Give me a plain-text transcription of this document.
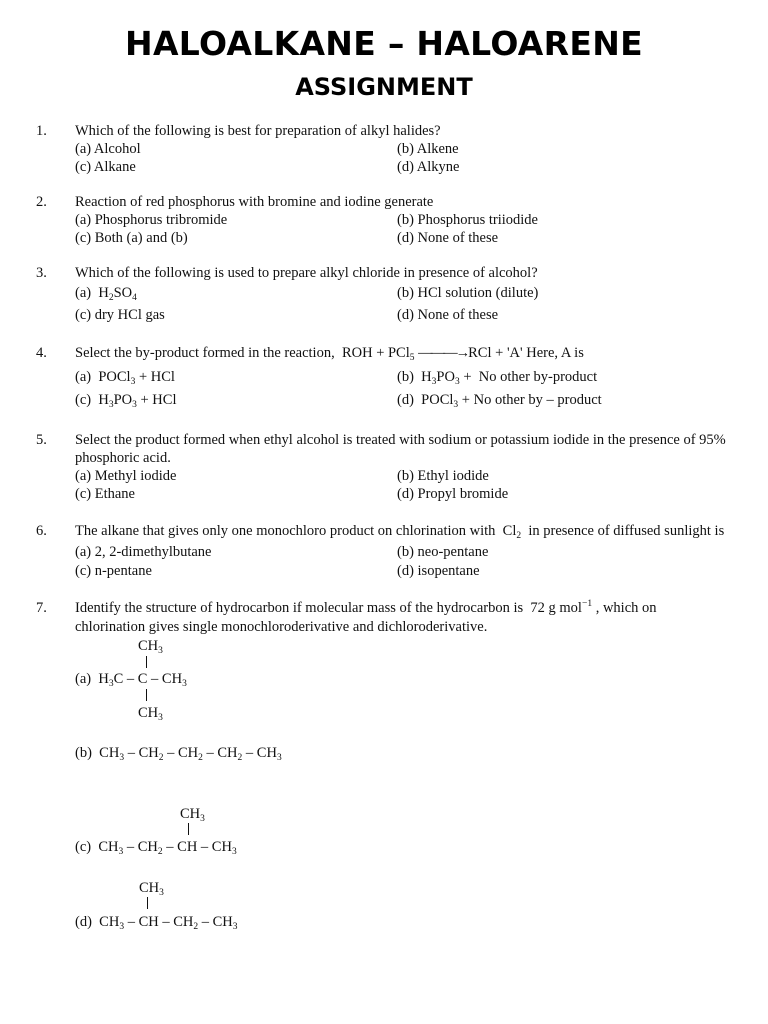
HALOALKANE – HALOARENE
ASSIGNMENT
1. Which of the following is best for preparation of alkyl halides?
(a) Alcohol	(b) Alkene
(c) Alkane	(d) Alkyne
2. Reaction of red phosphorus with bromine and iodine generate
(a) Phosphorus tribromide	(b) Phosphorus triiodide
(c) Both (a) and (b)	(d) None of these
3. Which of the following is used to prepare alkyl chloride in presence of alcohol?
(a)  $H_2SO_4$	(b) HCl solution (dilute)
(c) dry HCl gas	(d) None of these
4. Select the by-product formed in the reaction,  ROH + PCl$_5$ ———→RCl + 'A' Here, A is
(a)  POCl$_3$ + HCl	(b)  $H_3PO_3 + No$ other by-product
(c)  $H_3PO_3$ + HCl	(d)  POCl$_3$ + No other by – product
5. Select the product formed when ethyl alcohol is treated with sodium or potassium iodide in the presence of 95% phosphoric acid.
(a) Methyl iodide	(b) Ethyl iodide
(c) Ethane	(d) Propyl bromide
6. The alkane that gives only one monochloro product on chlorination with  $Cl_2$ in presence of diffused sunlight is
(a) 2, 2-dimethylbutane	(b) neo-pentane
(c) n-pentane	(d) isopentane
7. Identify the structure of hydrocarbon if molecular mass of the hydrocarbon is 72 g mol$^{-1}$ , which on
chlorination gives single monochloroderivative and dichloroderivative.
$CH_3$
(a)  $H_3C$ – C – $CH_3$
$CH_3$
(b)  $CH_3 - CH_2 - CH_2 - CH_2 - CH_3$
$CH_3$
(c)  $CH_3 - CH_2$ – CH – $CH_3$
$CH_3$
(d)  $CH_3$ – CH – $CH_2 - CH_3$
